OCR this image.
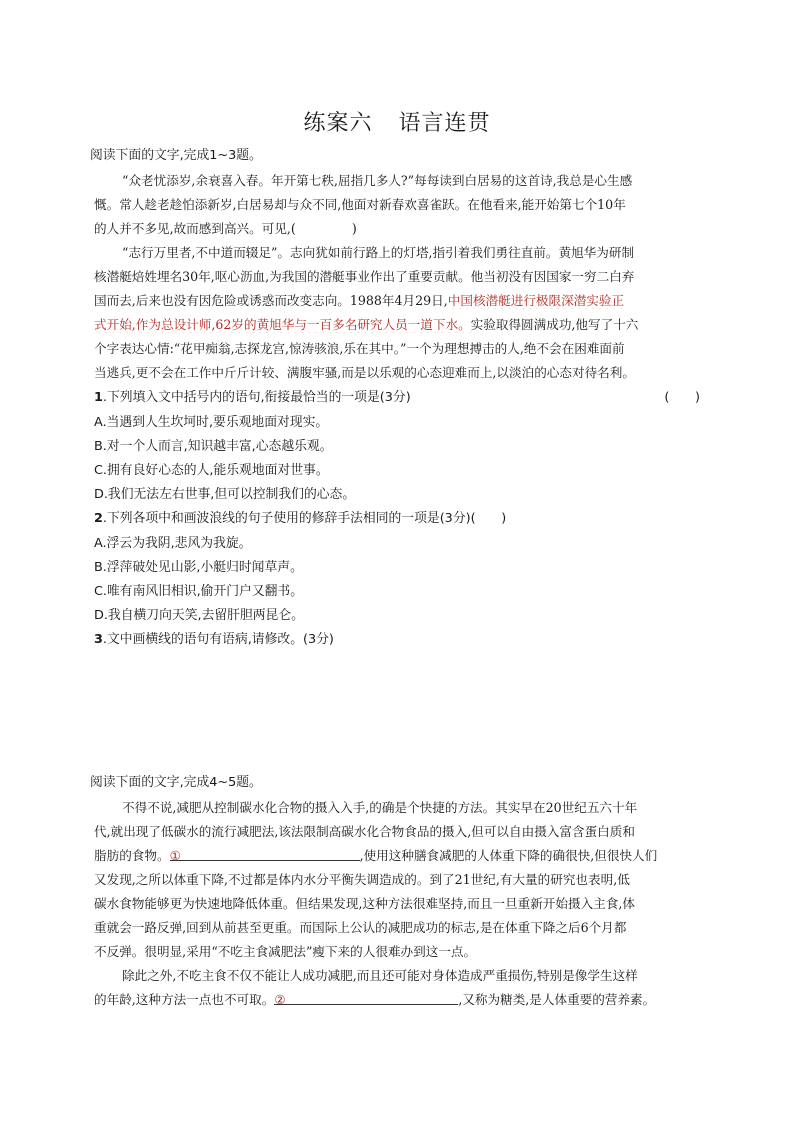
练案六 语言连贯
阅读下面的文字,完成1~3题。
“众老忧添岁,余衰喜入春。年开第七秩,屈指几多人?”每每读到白居易的这首诗,我总是心生感
慨。常人趁老趁怕添新岁,白居易却与众不同,他面对新春欢喜雀跃。在他看来,能开始第七个10年
的人并不多见,故而感到高兴。可见,(	)
“志行万里者,不中道而辍足”。志向犹如前行路上的灯塔,指引着我们勇往直前。黄旭华为研制
核潜艇焙姓埋名30年,呕心沥血,为我国的潜艇事业作出了重要贡献。他当初没有因国家一穷二白弃
国而去,后来也没有因危险或诱惑而改变志向。1988年4月29日,中国核潜艇进行极限深潜实验正
式开始,作为总设计师,62岁的黄旭华与一百多名研究人员一道下水。实验取得圆满成功,他写了十六
个字表达心情:“花甲痴翁,志探龙宫,惊涛骇浪,乐在其中。”一个为理想搏击的人,绝不会在困难面前
当逃兵,更不会在工作中斤斤计较、满腹牢骚,而是以乐观的心态迎难而上,以淡泊的心态对待名利。
1.下列填入文中括号内的语句,衔接最恰当的一项是(3分)	(　　)
A.当遇到人生坎坷时,要乐观地面对现实。
B.对一个人而言,知识越丰富,心态越乐观。
C.拥有良好心态的人,能乐观地面对世事。
D.我们无法左右世事,但可以控制我们的心态。
2.下列各项中和画波浪线的句子使用的修辞手法相同的一项是(3分)(　　)
A.浮云为我阴,悲风为我旋。
B.浮萍破处见山影,小艇归时闻草声。
C.唯有南风旧相识,偷开门户又翻书。
D.我自横刀向天笑,去留肝胆两昆仑。
3.文中画横线的语句有语病,请修改。(3分)
阅读下面的文字,完成4~5题。
不得不说,减肥从控制碳水化合物的摄入入手,的确是个快捷的方法。其实早在20世纪五六十年
代,就出现了低碳水的流行减肥法,该法限制高碳水化合物食品的摄入,但可以自由摄入富含蛋白质和
脂肪的食物。①	,使用这种膳食减肥的人体重下降的确很快,但很快人们
又发现,之所以体重下降,不过都是体内水分平衡失调造成的。到了21世纪,有大量的研究也表明,低
碳水食物能够更为快速地降低体重。但结果发现,这种方法很难坚持,而且一旦重新开始摄入主食,体
重就会一路反弹,回到从前甚至更重。而国际上公认的减肥成功的标志,是在体重下降之后6个月都
不反弹。很明显,采用“不吃主食减肥法”瘦下来的人很难办到这一点。
除此之外,不吃主食不仅不能让人成功减肥,而且还可能对身体造成严重损伤,特别是像学生这样
的年龄,这种方法一点也不可取。②	,又称为糖类,是人体重要的营养素。
